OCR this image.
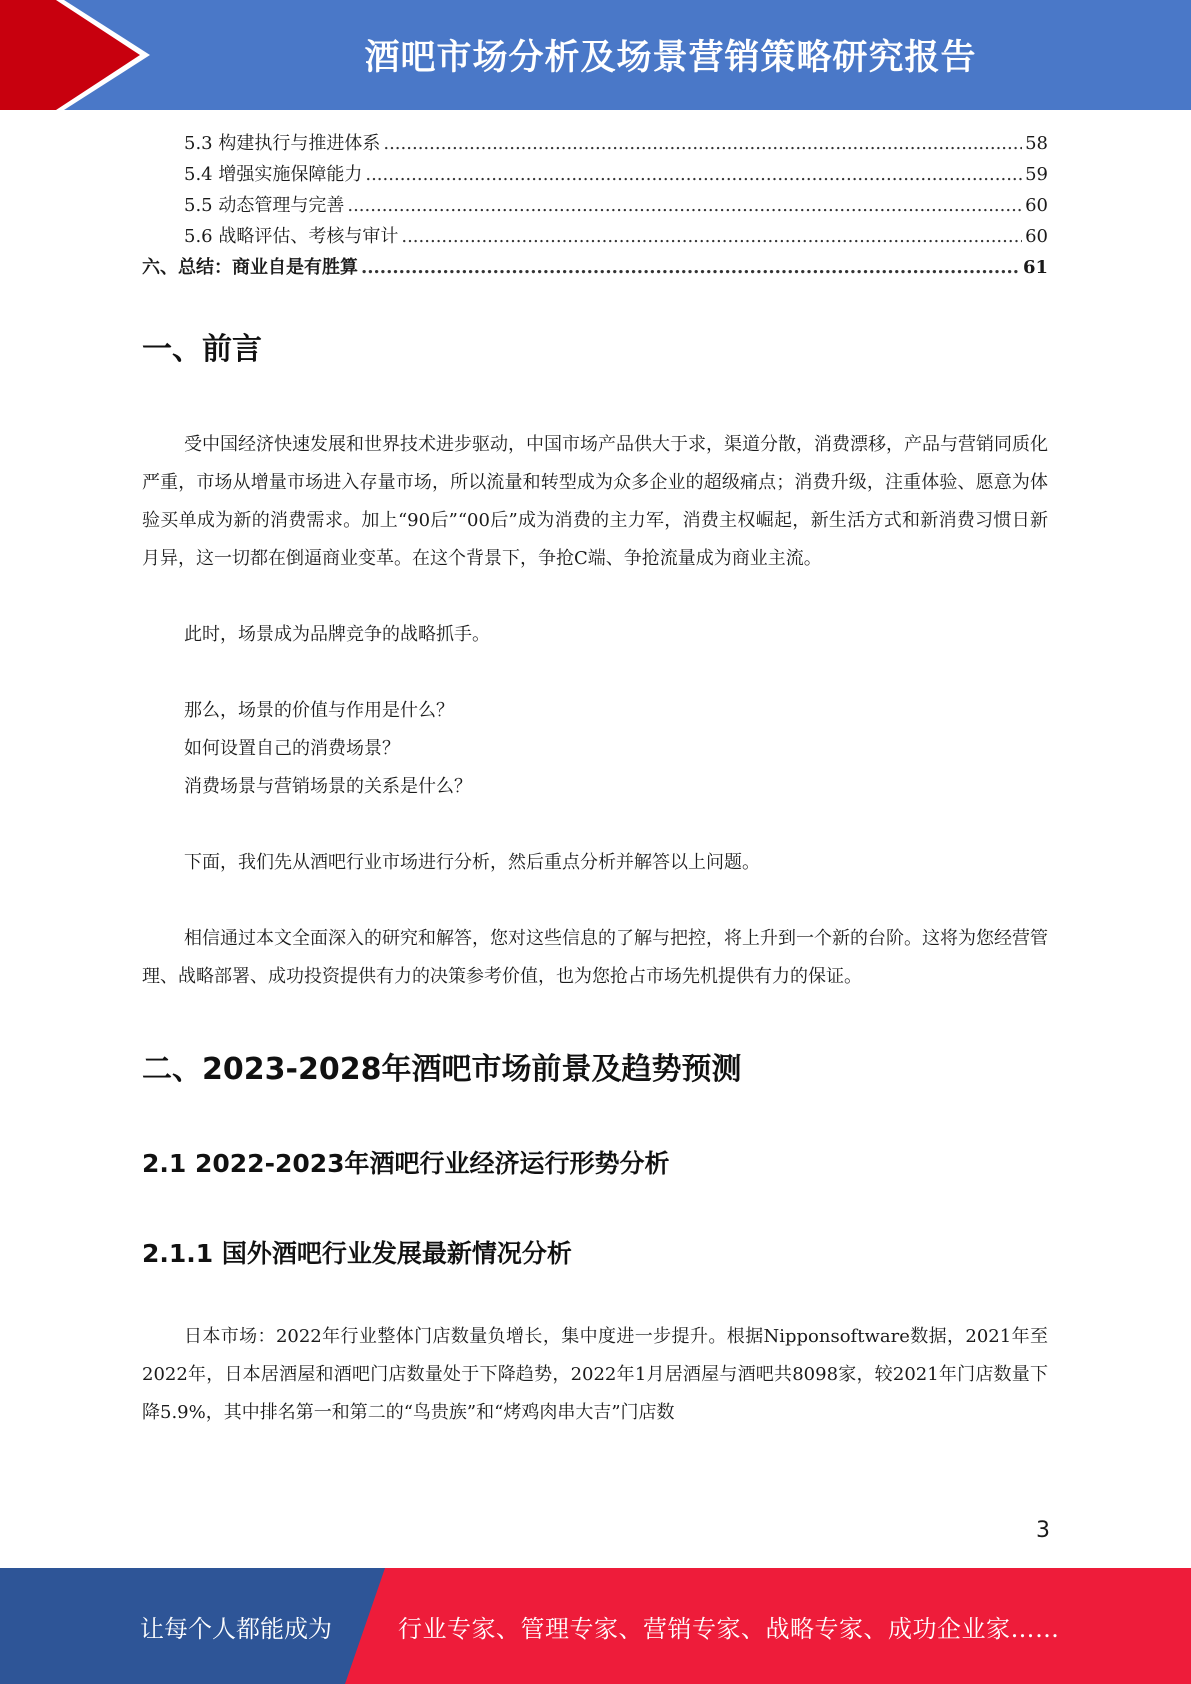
酒吧市场分析及场景营销策略研究报告
5.3 构建执行与推进体系 .....	58
5.4 增强实施保障能力 .....	59
5.5 动态管理与完善 .....	60
5.6 战略评估、考核与审计 .....	60
六、总结：商业自是有胜算 .....	61
一、前言

受中国经济快速发展和世界技术进步驱动，中国市场产品供大于求，渠道分散，消费漂移，产品与营销同质化严重，市场从增量市场进入存量市场，所以流量和转型成为众多企业的超级痛点；消费升级，注重体验、愿意为体验买单成为新的消费需求。加上“90后”“00后”成为消费的主力军，消费主权崛起，新生活方式和新消费习惯日新月异，这一切都在倒逼商业变革。在这个背景下，争抢C端、争抢流量成为商业主流。

此时，场景成为品牌竞争的战略抓手。

那么，场景的价值与作用是什么？

如何设置自己的消费场景？

消费场景与营销场景的关系是什么？

下面，我们先从酒吧行业市场进行分析，然后重点分析并解答以上问题。

相信通过本文全面深入的研究和解答，您对这些信息的了解与把控，将上升到一个新的台阶。这将为您经营管理、战略部署、成功投资提供有力的决策参考价值，也为您抢占市场先机提供有力的保证。

二、2023-2028年酒吧市场前景及趋势预测
2.1 2022-2023年酒吧行业经济运行形势分析
2.1.1 国外酒吧行业发展最新情况分析

日本市场：2022年行业整体门店数量负增长，集中度进一步提升。根据Nipponsoftware数据，2021年至2022年，日本居酒屋和酒吧门店数量处于下降趋势，2022年1月居酒屋与酒吧共8098家，较2021年门店数量下降5.9%，其中排名第一和第二的“鸟贵族”和“烤鸡肉串大吉”门店数

3
让每个人都能成为	行业专家、管理专家、营销专家、战略专家、成功企业家……
